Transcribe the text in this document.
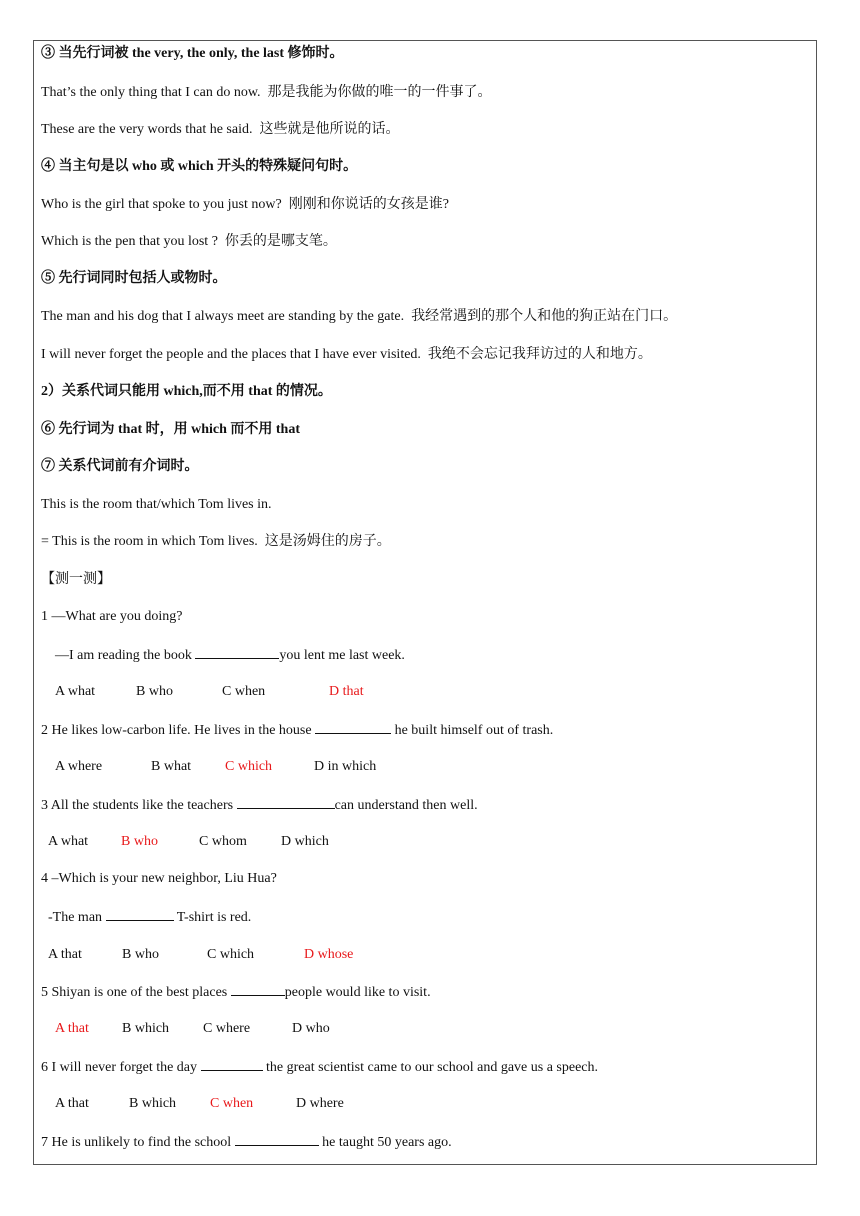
③ 当先行词被 the very, the only, the last 修饰时。
That’s the only thing that I can do now.  那是我能为你做的唯一的一件事了。
These are the very words that he said.  这些就是他所说的话。
④ 当主句是以 who 或 which 开头的特殊疑问句时。
Who is the girl that spoke to you just now?  刚刚和你说话的女孩是谁?
Which is the pen that you lost ?  你丢的是哪支笔。
⑤ 先行词同时包括人或物时。
The man and his dog that I always meet are standing by the gate.  我经常遇到的那个人和他的狗正站在门口。
I will never forget the people and the places that I have ever visited.  我绝不会忘记我拜访过的人和地方。
2）关系代词只能用 which,而不用 that 的情况。
⑥ 先行词为 that 时，用 which 而不用 that
⑦ 关系代词前有介词时。
This is the room that/which Tom lives in.
= This is the room in which Tom lives.  这是汤姆住的房子。
【测一测】
1 —What are you doing?
—I am reading the book	you lent me last week.
A what	B who	C when	D that
2 He likes low-carbon life. He lives in the house	he built himself out of trash.
A where	B what C which	D in which
3 All the students like the teachers	can understand then well.
A what B who	C whom D which
4 –Which is your new neighbor, Liu Hua?
-The man	T-shirt is red.
A that	B who	C which	D whose
5 Shiyan is one of the best places	people would like to visit.
A that B which C where	D who
6 I will never forget the day	the great scientist came to our school and gave us a speech.
A that	B which C when	D where
7 He is unlikely to find the school	he taught 50 years ago.
